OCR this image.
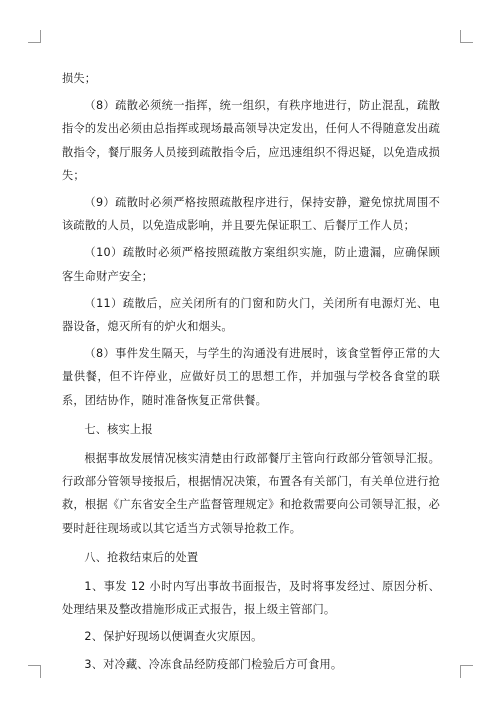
损失；

（8）疏散必须统一指挥，统一组织，有秩序地进行，防止混乱，疏散指令的发出必须由总指挥或现场最高领导决定发出，任何人不得随意发出疏散指令，餐厅服务人员接到疏散指令后，应迅速组织不得迟疑，以免造成损失；

（9）疏散时必须严格按照疏散程序进行，保持安静，避免惊扰周围不该疏散的人员，以免造成影响，并且要先保证职工、后餐厅工作人员；

（10）疏散时必须严格按照疏散方案组织实施，防止遗漏，应确保顾客生命财产安全；

（11）疏散后，应关闭所有的门窗和防火门，关闭所有电源灯光、电器设备，熄灭所有的炉火和烟头。

（8）事件发生隔天，与学生的沟通没有进展时，该食堂暂停正常的大量供餐，但不许停业，应做好员工的思想工作，并加强与学校各食堂的联系，团结协作，随时准备恢复正常供餐。

七、核实上报

根据事故发展情况核实清楚由行政部餐厅主管向行政部分管领导汇报。行政部分管领导接报后，根据情况决策，布置各有关部门，有关单位进行抢救，根据《广东省安全生产监督管理规定》和抢救需要向公司领导汇报，必要时赶往现场或以其它适当方式领导抢救工作。

八、抢救结束后的处置

1、事发 12 小时内写出事故书面报告，及时将事发经过、原因分析、处理结果及整改措施形成正式报告，报上级主管部门。

2、保护好现场以便调查火灾原因。

3、对冷藏、冷冻食品经防疫部门检验后方可食用。
